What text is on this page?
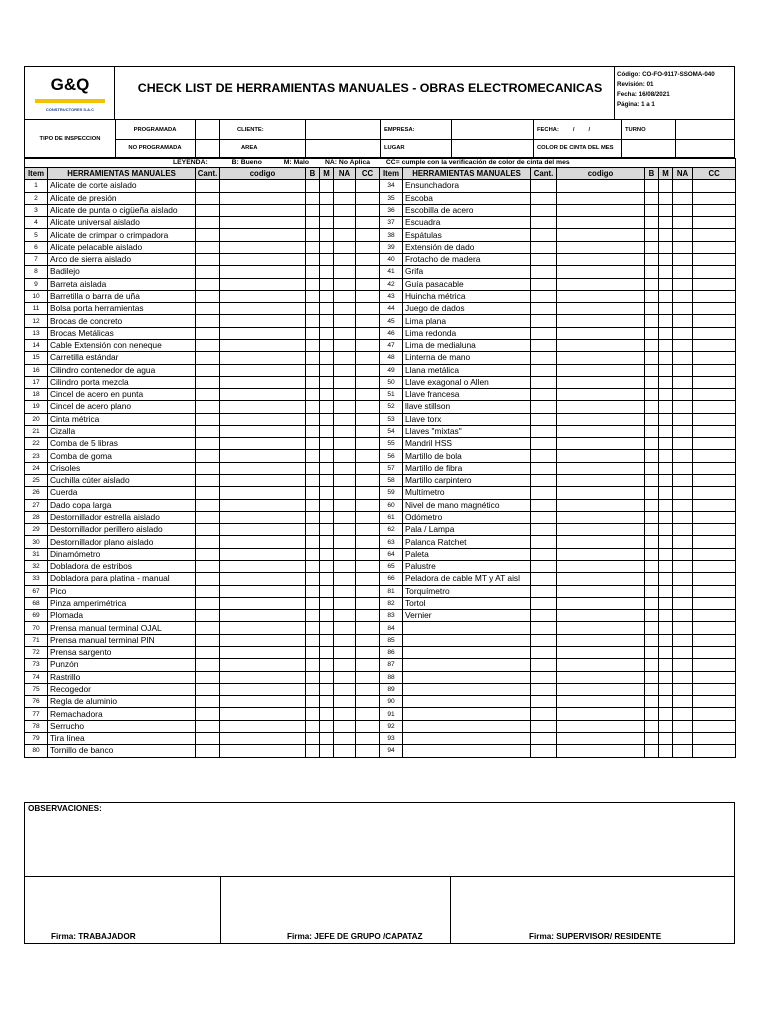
G&Q
CONSTRUCTORES S.A.C
CHECK LIST DE HERRAMIENTAS MANUALES - OBRAS ELECTROMECANICAS
Código: CO-FO-9117-SSOMA-040
Revisión: 01
Fecha: 16/08/2021
Página: 1 a 1
TIPO DE INSPECCION
PROGRAMADA
NO PROGRAMADA
CLIENTE:
AREA
EMPRESA:
LUGAR
FECHA: / /	TURNO
COLOR DE CINTA DEL MES
LEYENDA: B: Bueno M: Malo NA: No Aplica CC= cumple con la verificación de color de cinta del mes															
Item	HERRAMIENTAS MANUALES	Cant.	codigo	B	M	NA	CC	Item	HERRAMIENTAS MANUALES	Cant.	codigo	B	M	NA	CC
1	Alicate de corte aislado							34	Ensunchadora						
2	Alicate de presión							35	Escoba						
3	Alicate de punta o cigüeña aislado							36	Escobilla de acero						
4	Alicate universal aislado							37	Escuadra						
5	Alicate de crimpar o crimpadora							38	Espátulas						
6	Alicate pelacable aislado							39	Extensión de dado						
7	Arco de sierra aislado							40	Frotacho de madera						
8	Badilejo							41	Grifa						
9	Barreta aislada							42	Guía pasacable						
10	Barretilla o barra de uña							43	Huincha métrica						
11	Bolsa porta herramientas							44	Juego de dados						
12	Brocas de concreto							45	Lima plana						
13	Brocas Metálicas							46	Lima redonda						
14	Cable Extensión con neneque							47	Lima de medialuna						
15	Carretilla estándar							48	Linterna de mano						
16	Cilindro contenedor de agua							49	Llana metálica						
17	Cilindro porta mezcla							50	Llave exagonal o Allen						
18	Cincel de acero en punta							51	Llave francesa						
19	Cincel de acero plano							52	llave stillson						
20	Cinta métrica							53	Llave torx						
21	Cizalla							54	Llaves "mixtas"						
22	Comba de 5 libras							55	Mandril HSS						
23	Comba de goma							56	Martillo de bola						
24	Crisoles							57	Martillo de fibra						
25	Cuchilla cúter aislado							58	Martillo carpintero						
26	Cuerda							59	Multímetro						
27	Dado copa larga							60	Nivel de mano magnético						
28	Destornillador estrella aislado							61	Odómetro						
29	Destornillador perillero aislado							62	Pala / Lampa						
30	Destornillador plano aislado							63	Palanca Ratchet						
31	Dinamómetro							64	Paleta						
32	Dobladora de estribos							65	Palustre						
33	Dobladora para platina - manual							66	Peladora de cable MT y AT aisl						
67	Pico							81	Torquímetro						
68	Pinza amperimétrica							82	Tortol						
69	Plomada							83	Vernier						
70	Prensa manual terminal OJAL							84							
71	Prensa manual terminal PIN							85							
72	Prensa sargento							86							
73	Punzón							87							
74	Rastrillo							88							
75	Recogedor							89							
76	Regla de aluminio							90							
77	Remachadora							91							
78	Serrucho							92							
79	Tira línea							93							
80	Tornillo de banco							94							
OBSERVACIONES:
Firma: TRABAJADOR	Firma: JEFE DE GRUPO /CAPATAZ	Firma: SUPERVISOR/ RESIDENTE
